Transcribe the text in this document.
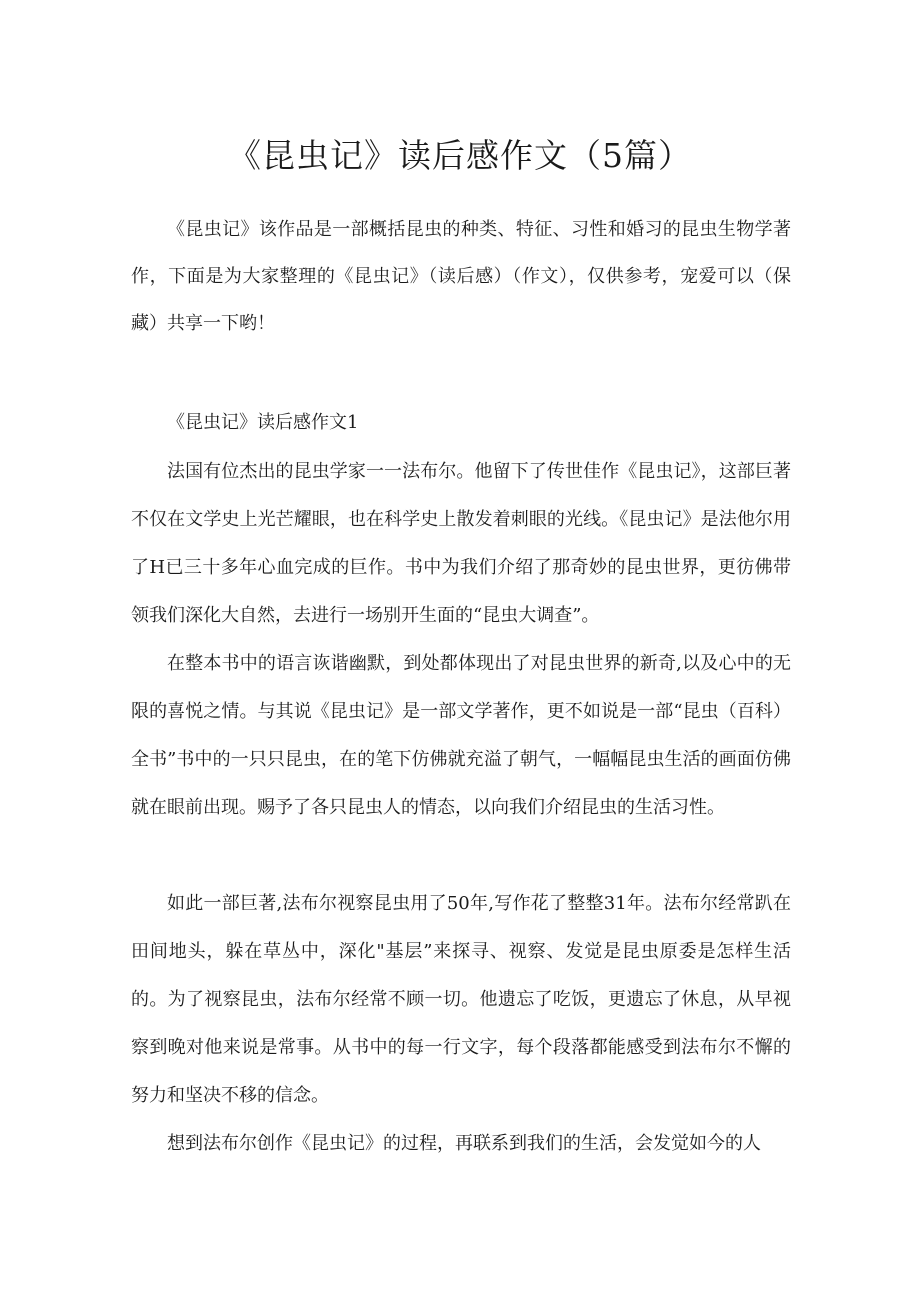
《昆虫记》读后感作文（5篇）

《昆虫记》该作品是一部概括昆虫的种类、特征、习性和婚习的昆虫生物学著作，下面是为大家整理的《昆虫记》（读后感）（作文），仅供参考，宠爱可以（保藏）共享一下哟！

《昆虫记》读后感作文1

法国有位杰出的昆虫学家一一法布尔。他留下了传世佳作《昆虫记》，这部巨著不仅在文学史上光芒耀眼，也在科学史上散发着刺眼的光线。《昆虫记》是法他尔用了H已三十多年心血完成的巨作。书中为我们介绍了那奇妙的昆虫世界，更彷佛带领我们深化大自然，去进行一场别开生面的“昆虫大调查”。

在整本书中的语言诙谐幽默，到处都体现出了对昆虫世界的新奇,以及心中的无限的喜悦之情。与其说《昆虫记》是一部文学著作，更不如说是一部“昆虫（百科）全书”书中的一只只昆虫，在的笔下仿佛就充溢了朝气，一幅幅昆虫生活的画面仿佛就在眼前出现。赐予了各只昆虫人的情态，以向我们介绍昆虫的生活习性。

如此一部巨著,法布尔视察昆虫用了50年,写作花了整整31年。法布尔经常趴在田间地头，躲在草丛中，深化"基层”来探寻、视察、发觉是昆虫原委是怎样生活的。为了视察昆虫，法布尔经常不顾一切。他遗忘了吃饭，更遗忘了休息，从早视察到晚对他来说是常事。从书中的每一行文字，每个段落都能感受到法布尔不懈的努力和坚决不移的信念。

想到法布尔创作《昆虫记》的过程，再联系到我们的生活，会发觉如今的人
